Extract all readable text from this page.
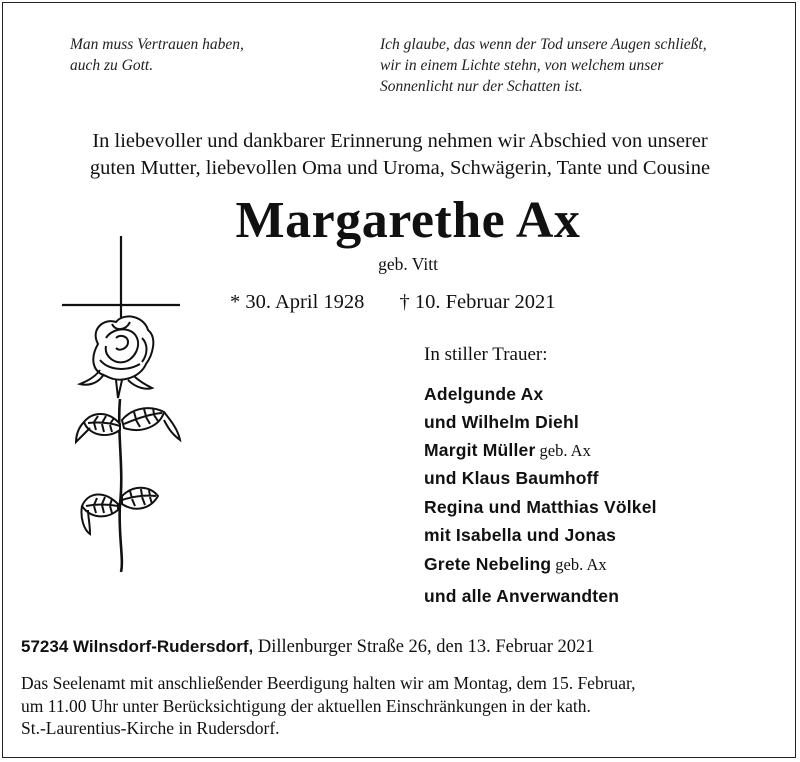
Man muss Vertrauen haben,
auch zu Gott.
Ich glaube, das wenn der Tod unsere Augen schließt,
wir in einem Lichte stehn, von welchem unser
Sonnenlicht nur der Schatten ist.
In liebevoller und dankbarer Erinnerung nehmen wir Abschied von unserer
guten Mutter, liebevollen Oma und Uroma, Schwägerin, Tante und Cousine
Margarethe Ax
geb. Vitt
* 30. April 1928 † 10. Februar 2021
In stiller Trauer:
Adelgunde Ax
und Wilhelm Diehl
Margit Müller geb. Ax
und Klaus Baumhoff
Regina und Matthias Völkel
mit Isabella und Jonas
Grete Nebeling geb. Ax
und alle Anverwandten
57234 Wilnsdorf-Rudersdorf, Dillenburger Straße 26, den 13. Februar 2021
Das Seelenamt mit anschließender Beerdigung halten wir am Montag, dem 15. Februar,
um 11.00 Uhr unter Berücksichtigung der aktuellen Einschränkungen in der kath.
St.-Laurentius-Kirche in Rudersdorf.
